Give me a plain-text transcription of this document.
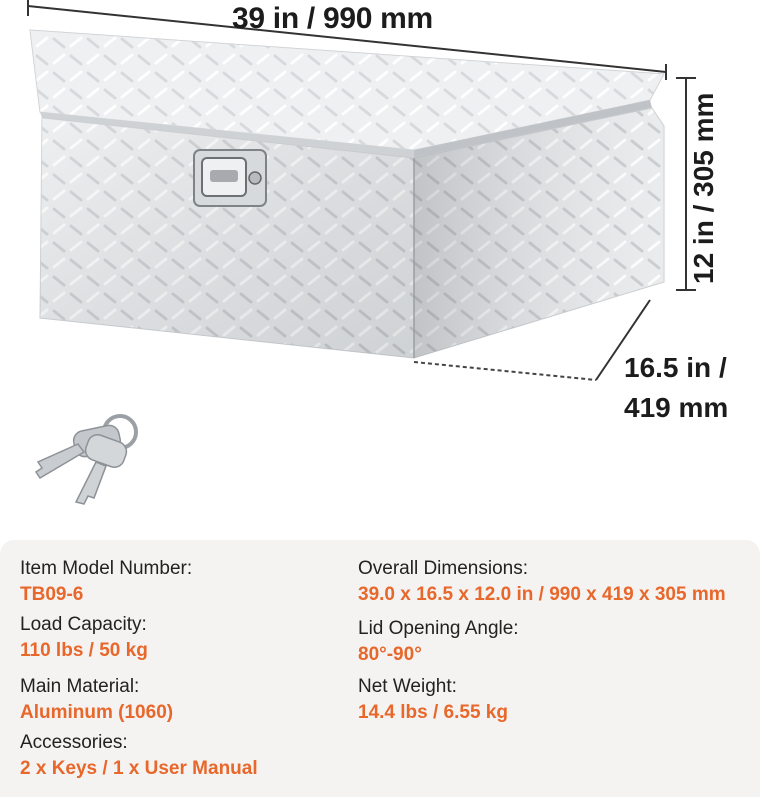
39 in / 990 mm
12 in / 305 mm
16.5 in /
419 mm
Item Model Number:
TB09-6
Load Capacity:
110 lbs / 50 kg
Main Material:
Aluminum (1060)
Accessories:
2 x Keys / 1 x User Manual
Overall Dimensions:
39.0 x 16.5 x 12.0 in / 990 x 419 x 305 mm
Lid Opening Angle:
80°-90°
Net Weight:
14.4 lbs / 6.55 kg
